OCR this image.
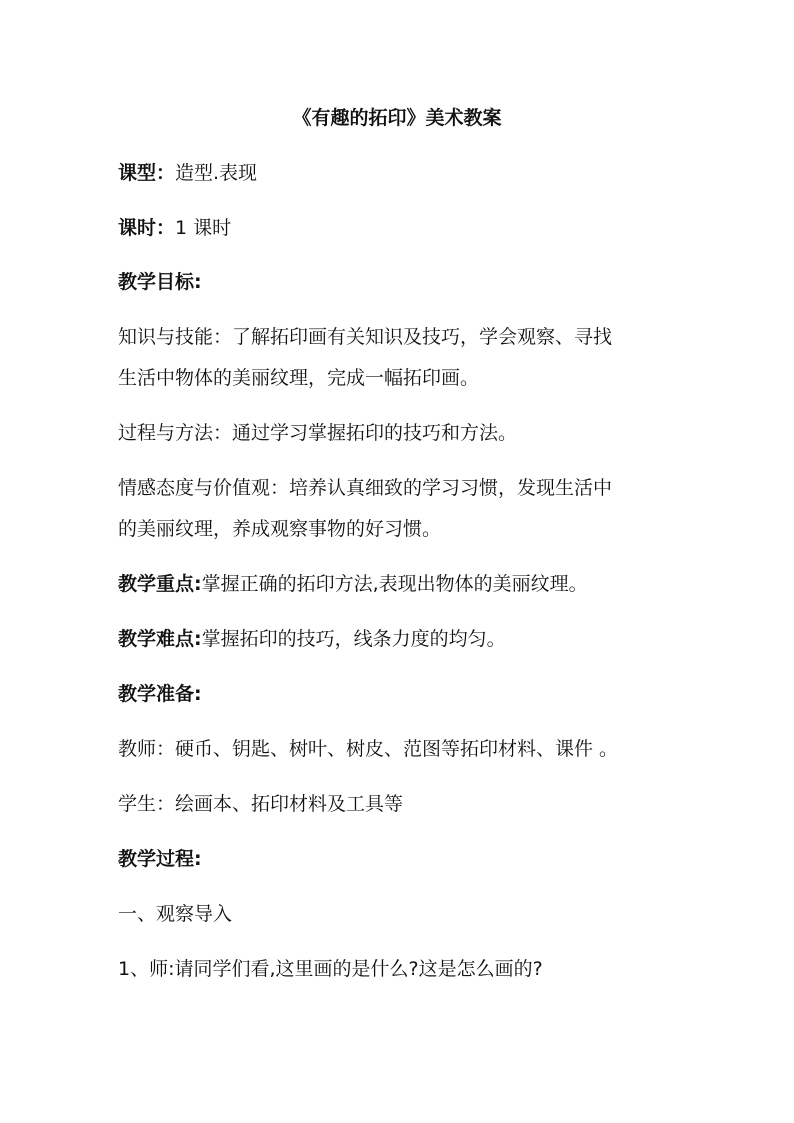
《有趣的拓印》美术教案
课型：造型.表现
课时：1 课时
教学目标:
知识与技能：了解拓印画有关知识及技巧，学会观察、寻找
生活中物体的美丽纹理，完成一幅拓印画。
过程与方法：通过学习掌握拓印的技巧和方法。
情感态度与价值观：培养认真细致的学习习惯，发现生活中
的美丽纹理，养成观察事物的好习惯。
教学重点:掌握正确的拓印方法,表现出物体的美丽纹理。
教学难点:掌握拓印的技巧，线条力度的均匀。
教学准备:
教师：硬币、钥匙、树叶、树皮、范图等拓印材料、课件 。
学生：绘画本、拓印材料及工具等
教学过程:
一、观察导入
1、师:请同学们看,这里画的是什么?这是怎么画的?
